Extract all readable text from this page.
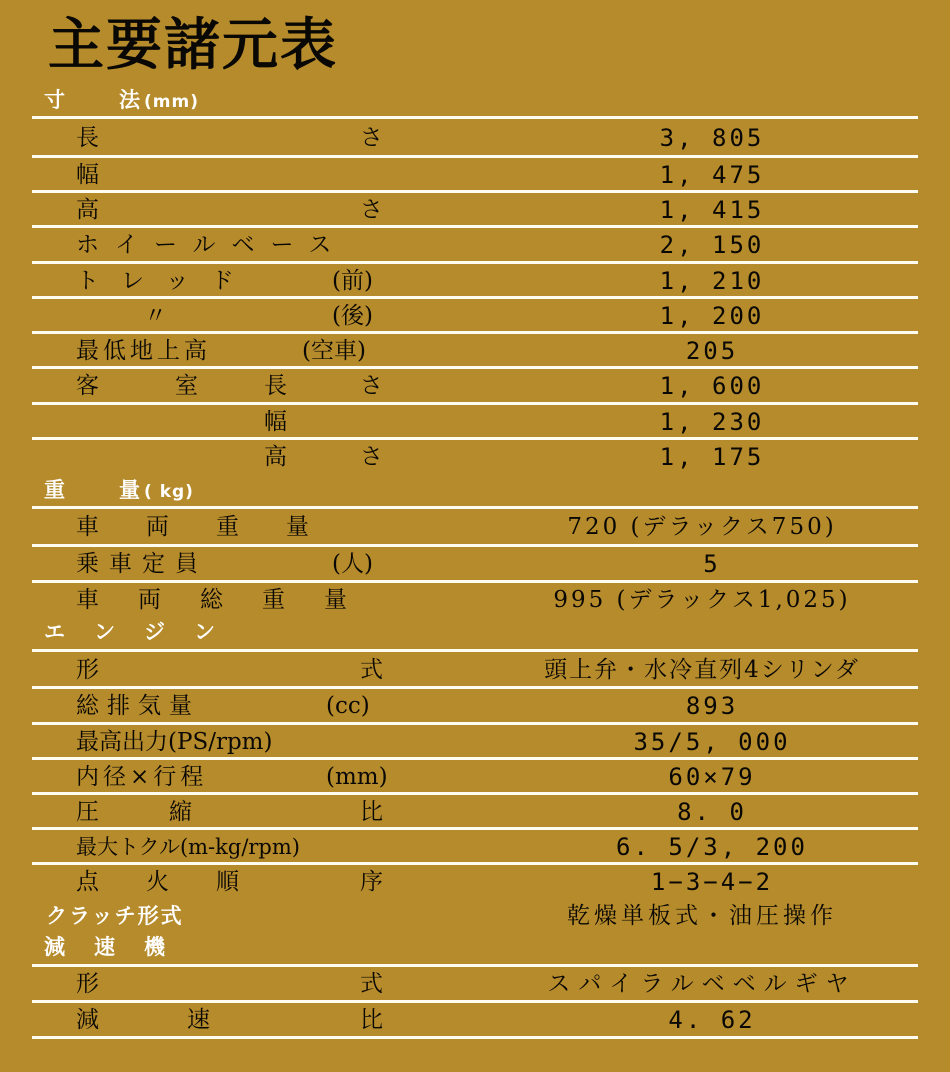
主要諸元表
寸　　法(mm)
長	さ	3, 805
幅	1, 475
高	さ	1, 415
ホイールベース	2, 150
トレッド	(前)	1, 210
〃	(後)	1, 200
最低地上高	(空車)	205
客　　室 長	さ	1, 600
幅	1, 230
高	さ	1, 175
重　　量( kg)
車　両　重　量	720 (デラックス750)
乗車定員	(人)	5
車　両　総　重　量	995 (デラックス1,025)
エ　ン　ジ　ン
形	式	頭上弁・水冷直列4シリンダ
総排気量	(cc)	893
最高出力(PS/rpm)	35/5, 000
内径×行程	(mm)	60×79
圧　　縮	比	8. 0
最大トクル(m-kg/rpm)	6. 5/3, 200
点　火　順	序	1−3−4−2
クラッチ形式	乾燥単板式・油圧操作
減　速　機
形	式	スパイラルベベルギヤ
減　　速	比	4. 62
